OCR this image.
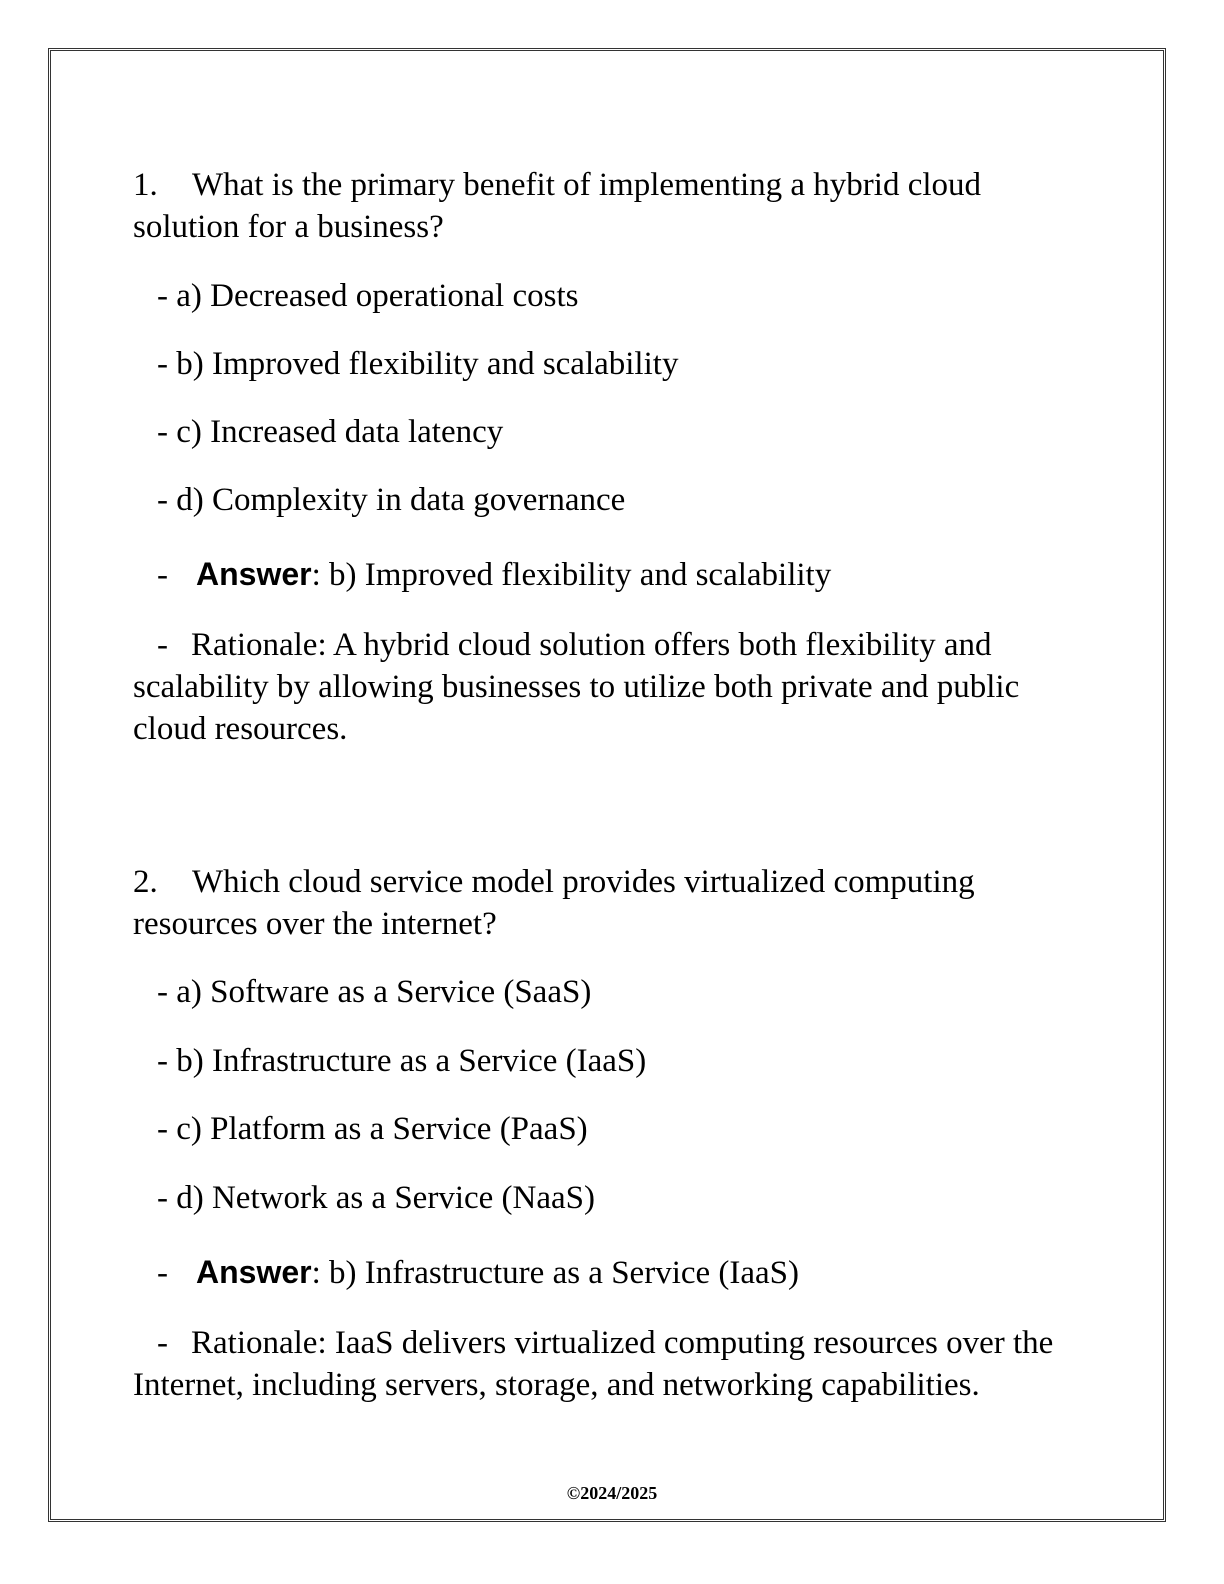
1. What is the primary benefit of implementing a hybrid cloud solution for a business?

- a) Decreased operational costs

- b) Improved flexibility and scalability

- c) Increased data latency

- d) Complexity in data governance

- Answer: b) Improved flexibility and scalability

- Rationale: A hybrid cloud solution offers both flexibility and scalability by allowing businesses to utilize both private and public cloud resources.

2. Which cloud service model provides virtualized computing resources over the internet?

- a) Software as a Service (SaaS)

- b) Infrastructure as a Service (IaaS)

- c) Platform as a Service (PaaS)

- d) Network as a Service (NaaS)

- Answer: b) Infrastructure as a Service (IaaS)

- Rationale: IaaS delivers virtualized computing resources over the Internet, including servers, storage, and networking capabilities.

©2024/2025
